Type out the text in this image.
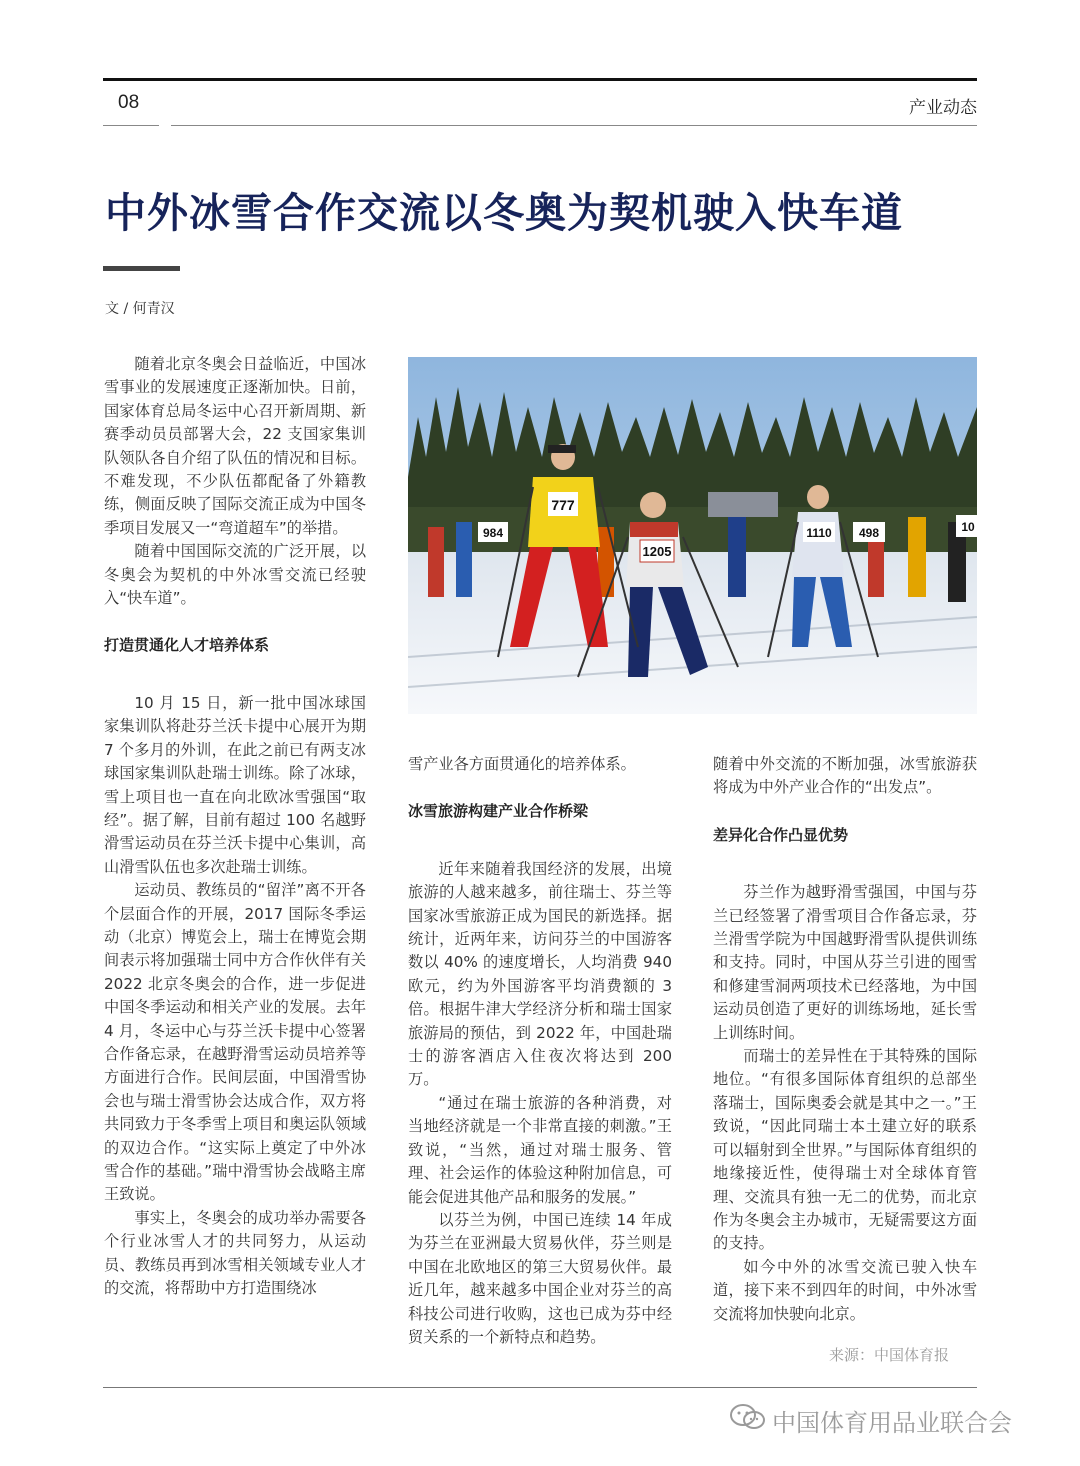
08	产业动态
中外冰雪合作交流以冬奥为契机驶入快车道
文 / 何青汉

随着北京冬奥会日益临近，中国冰雪事业的发展速度正逐渐加快。日前，国家体育总局冬运中心召开新周期、新赛季动员员部署大会，22 支国家集训队领队各自介绍了队伍的情况和目标。不难发现，不少队伍都配备了外籍教练，侧面反映了国际交流正成为中国冬季项目发展又一“弯道超车”的举措。

随着中国国际交流的广泛开展，以冬奥会为契机的中外冰雪交流已经驶入“快车道”。

打造贯通化人才培养体系

10 月 15 日，新一批中国冰球国家集训队将赴芬兰沃卡提中心展开为期 7 个多月的外训，在此之前已有两支冰球国家集训队赴瑞士训练。除了冰球，雪上项目也一直在向北欧冰雪强国“取经”。据了解，目前有超过 100 名越野滑雪运动员在芬兰沃卡提中心集训，高山滑雪队伍也多次赴瑞士训练。

运动员、教练员的“留洋”离不开各个层面合作的开展，2017 国际冬季运动（北京）博览会上，瑞士在博览会期间表示将加强瑞士同中方合作伙伴有关 2022 北京冬奥会的合作，进一步促进中国冬季运动和相关产业的发展。去年 4 月，冬运中心与芬兰沃卡提中心签署合作备忘录，在越野滑雪运动员培养等方面进行合作。民间层面，中国滑雪协会也与瑞士滑雪协会达成合作，双方将共同致力于冬季雪上项目和奥运队领域的双边合作。“这实际上奠定了中外冰雪合作的基础。”瑞中滑雪协会战略主席王致说。

事实上，冬奥会的成功举办需要各个行业冰雪人才的共同努力，从运动员、教练员再到冰雪相关领域专业人才的交流，将帮助中方打造围绕冰

777
1205
1110 498
984	10

雪产业各方面贯通化的培养体系。

冰雪旅游构建产业合作桥梁

近年来随着我国经济的发展，出境旅游的人越来越多，前往瑞士、芬兰等国家冰雪旅游正成为国民的新选择。据统计，近两年来，访问芬兰的中国游客数以 40% 的速度增长，人均消费 940 欧元，约为外国游客平均消费额的 3 倍。根据牛津大学经济分析和瑞士国家旅游局的预估，到 2022 年，中国赴瑞士的游客酒店入住夜次将达到 200 万。

“通过在瑞士旅游的各种消费，对当地经济就是一个非常直接的刺激。”王致说，“当然，通过对瑞士服务、管理、社会运作的体验这种附加信息，可能会促进其他产品和服务的发展。”

以芬兰为例，中国已连续 14 年成为芬兰在亚洲最大贸易伙伴，芬兰则是中国在北欧地区的第三大贸易伙伴。最近几年，越来越多中国企业对芬兰的高科技公司进行收购，这也已成为芬中经贸关系的一个新特点和趋势。

随着中外交流的不断加强，冰雪旅游获将成为中外产业合作的“出发点”。

差异化合作凸显优势

芬兰作为越野滑雪强国，中国与芬兰已经签署了滑雪项目合作备忘录，芬兰滑雪学院为中国越野滑雪队提供训练和支持。同时，中国从芬兰引进的囤雪和修建雪洞两项技术已经落地，为中国运动员创造了更好的训练场地，延长雪上训练时间。

而瑞士的差异性在于其特殊的国际地位。“有很多国际体育组织的总部坐落瑞士，国际奥委会就是其中之一。”王致说，“因此同瑞士本土建立好的联系可以辐射到全世界。”与国际体育组织的地缘接近性，使得瑞士对全球体育管理、交流具有独一无二的优势，而北京作为冬奥会主办城市，无疑需要这方面的支持。

如今中外的冰雪交流已驶入快车道，接下来不到四年的时间，中外冰雪交流将加快驶向北京。

来源：中国体育报
中国体育用品业联合会
